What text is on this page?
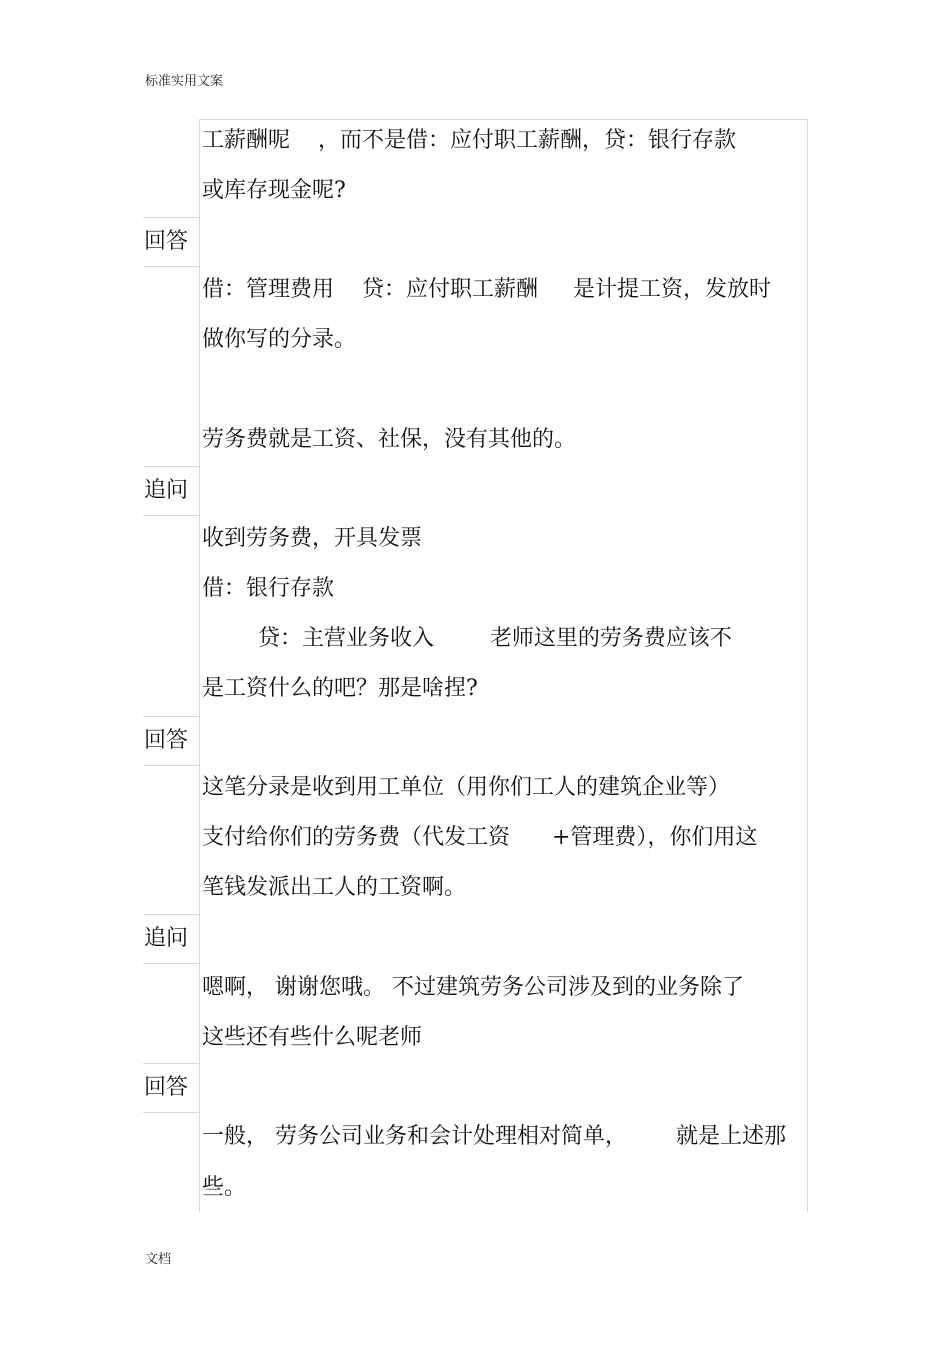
标准实用文案
工薪酬呢    ，而不是借：应付职工薪酬，贷：银行存款
或库存现金呢?
回答
借：管理费用    贷：应付职工薪酬     是计提工资，发放时
做你写的分录。
劳务费就是工资、社保，没有其他的。
追问
收到劳务费，开具发票
借：银行存款
贷：主营业务收入        老师这里的劳务费应该不
是工资什么的吧？那是啥捏?
回答
这笔分录是收到用工单位（用你们工人的建筑企业等）
支付给你们的劳务费（代发工资      +管理费），你们用这
笔钱发派出工人的工资啊。
追问
嗯啊， 谢谢您哦。 不过建筑劳务公司涉及到的业务除了
这些还有些什么呢老师
回答
一般， 劳务公司业务和会计处理相对简单，       就是上述那
些。
文档
